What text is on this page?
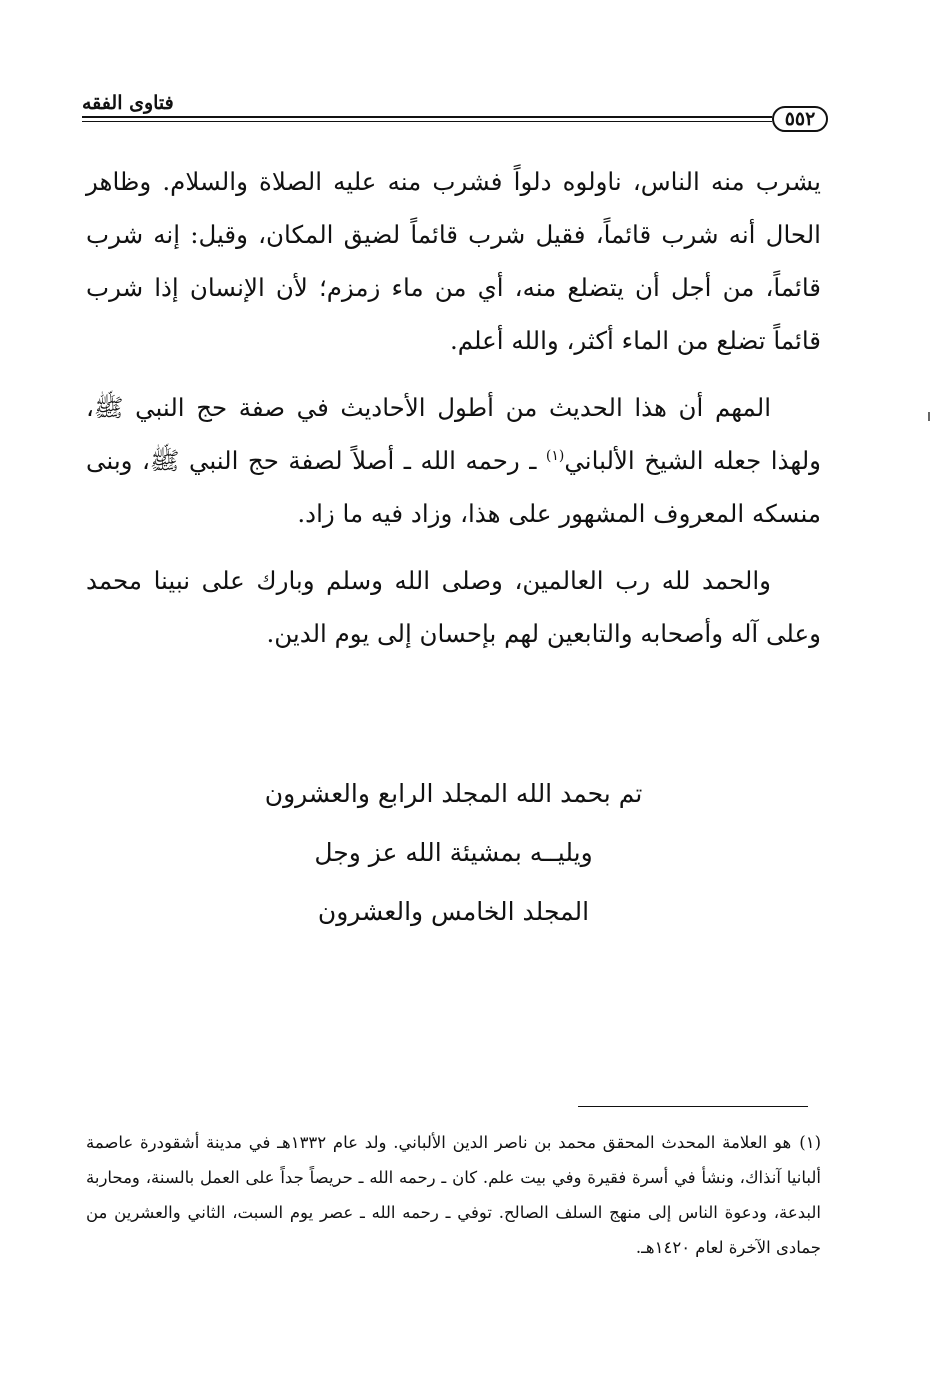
فتاوى الفقه
٥٥٢

يشرب منه الناس، ناولوه دلواً فشرب منه عليه الصلاة والسلام. وظاهر الحال أنه شرب قائماً، فقيل شرب قائماً لضيق المكان، وقيل: إنه شرب قائماً، من أجل أن يتضلع منه، أي من ماء زمزم؛ لأن الإنسان إذا شرب قائماً تضلع من الماء أكثر، والله أعلم.

المهم أن هذا الحديث من أطول الأحاديث في صفة حج النبي ﷺ، ولهذا جعله الشيخ الألباني$^{(١)}$ ـ رحمه الله ـ أصلاً لصفة حج النبي ﷺ، وبنى منسكه المعروف المشهور على هذا، وزاد فيه ما زاد.

والحمد لله رب العالمين، وصلى الله وسلم وبارك على نبينا محمد وعلى آله وأصحابه والتابعين لهم بإحسان إلى يوم الدين.

تم بحمد الله المجلد الرابع والعشرون
ويليــه بمشيئة الله عز وجل
المجلد الخامس والعشرون
(١)هو العلامة المحدث المحقق محمد بن ناصر الدين الألباني. ولد عام ١٣٣٢هـ في مدينة أشقودرة عاصمة ألبانيا آنذاك، ونشأ في أسرة فقيرة وفي بيت علم. كان ـ رحمه الله ـ حريصاً جداً على العمل بالسنة، ومحاربة البدعة، ودعوة الناس إلى منهج السلف الصالح. توفي ـ رحمه الله ـ عصر يوم السبت، الثاني والعشرين من جمادى الآخرة لعام ١٤٢٠هـ.
